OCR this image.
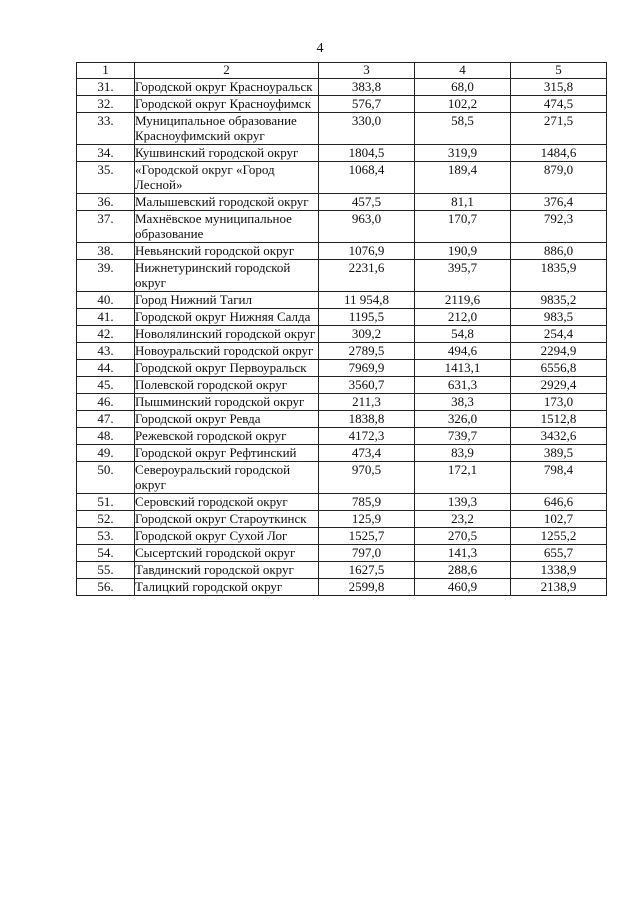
4
1	2	3	4	5
31.	Городской округ Красноуральск	383,8	68,0	315,8
32.	Городской округ Красноуфимск	576,7	102,2	474,5
33.	Муниципальное образование Красноуфимский округ	330,0	58,5	271,5
34.	Кушвинский городской округ	1804,5	319,9	1484,6
35.	«Городской округ «Город Лесной»	1068,4	189,4	879,0
36.	Малышевский городской округ	457,5	81,1	376,4
37.	Махнёвское муниципальное образование	963,0	170,7	792,3
38.	Невьянский городской округ	1076,9	190,9	886,0
39.	Нижнетуринский городской округ	2231,6	395,7	1835,9
40.	Город Нижний Тагил	11 954,8	2119,6	9835,2
41.	Городской округ Нижняя Салда	1195,5	212,0	983,5
42.	Новолялинский городской округ	309,2	54,8	254,4
43.	Новоуральский городской округ	2789,5	494,6	2294,9
44.	Городской округ Первоуральск	7969,9	1413,1	6556,8
45.	Полевской городской округ	3560,7	631,3	2929,4
46.	Пышминский городской округ	211,3	38,3	173,0
47.	Городской округ Ревда	1838,8	326,0	1512,8
48.	Режевской городской округ	4172,3	739,7	3432,6
49.	Городской округ Рефтинский	473,4	83,9	389,5
50.	Североуральский городской округ	970,5	172,1	798,4
51.	Серовский городской округ	785,9	139,3	646,6
52.	Городской округ Староуткинск	125,9	23,2	102,7
53.	Городской округ Сухой Лог	1525,7	270,5	1255,2
54.	Сысертский городской округ	797,0	141,3	655,7
55.	Тавдинский городской округ	1627,5	288,6	1338,9
56.	Талицкий городской округ	2599,8	460,9	2138,9
